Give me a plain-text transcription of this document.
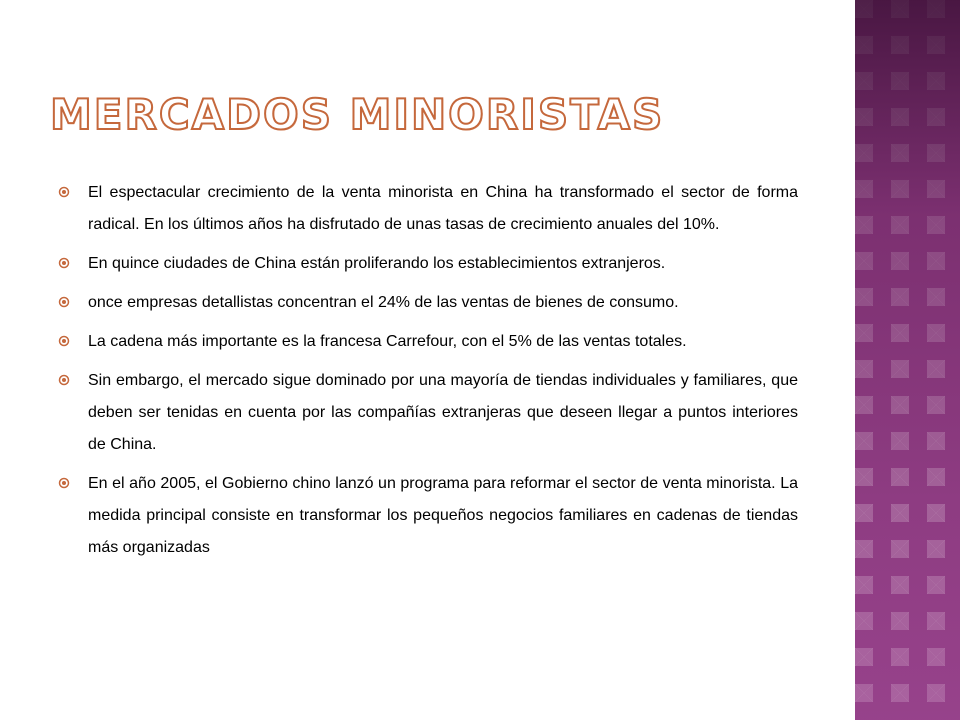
MERCADOS MINORISTAS
El espectacular crecimiento de la venta minorista en China ha transformado el sector de forma radical. En los últimos años ha disfrutado de unas tasas de crecimiento anuales del 10%.
En quince ciudades de China están proliferando los establecimientos extranjeros.
once empresas detallistas concentran el 24% de las ventas de bienes de consumo.
La cadena más importante es la francesa Carrefour, con el 5% de las ventas totales.
Sin embargo, el mercado sigue dominado por una mayoría de tiendas individuales y familiares, que deben ser tenidas en cuenta por las compañías extranjeras que deseen llegar a puntos interiores de China.
En el año 2005, el Gobierno chino lanzó un programa para reformar el sector de venta minorista. La medida principal consiste en transformar los pequeños negocios familiares en cadenas de tiendas más organizadas
